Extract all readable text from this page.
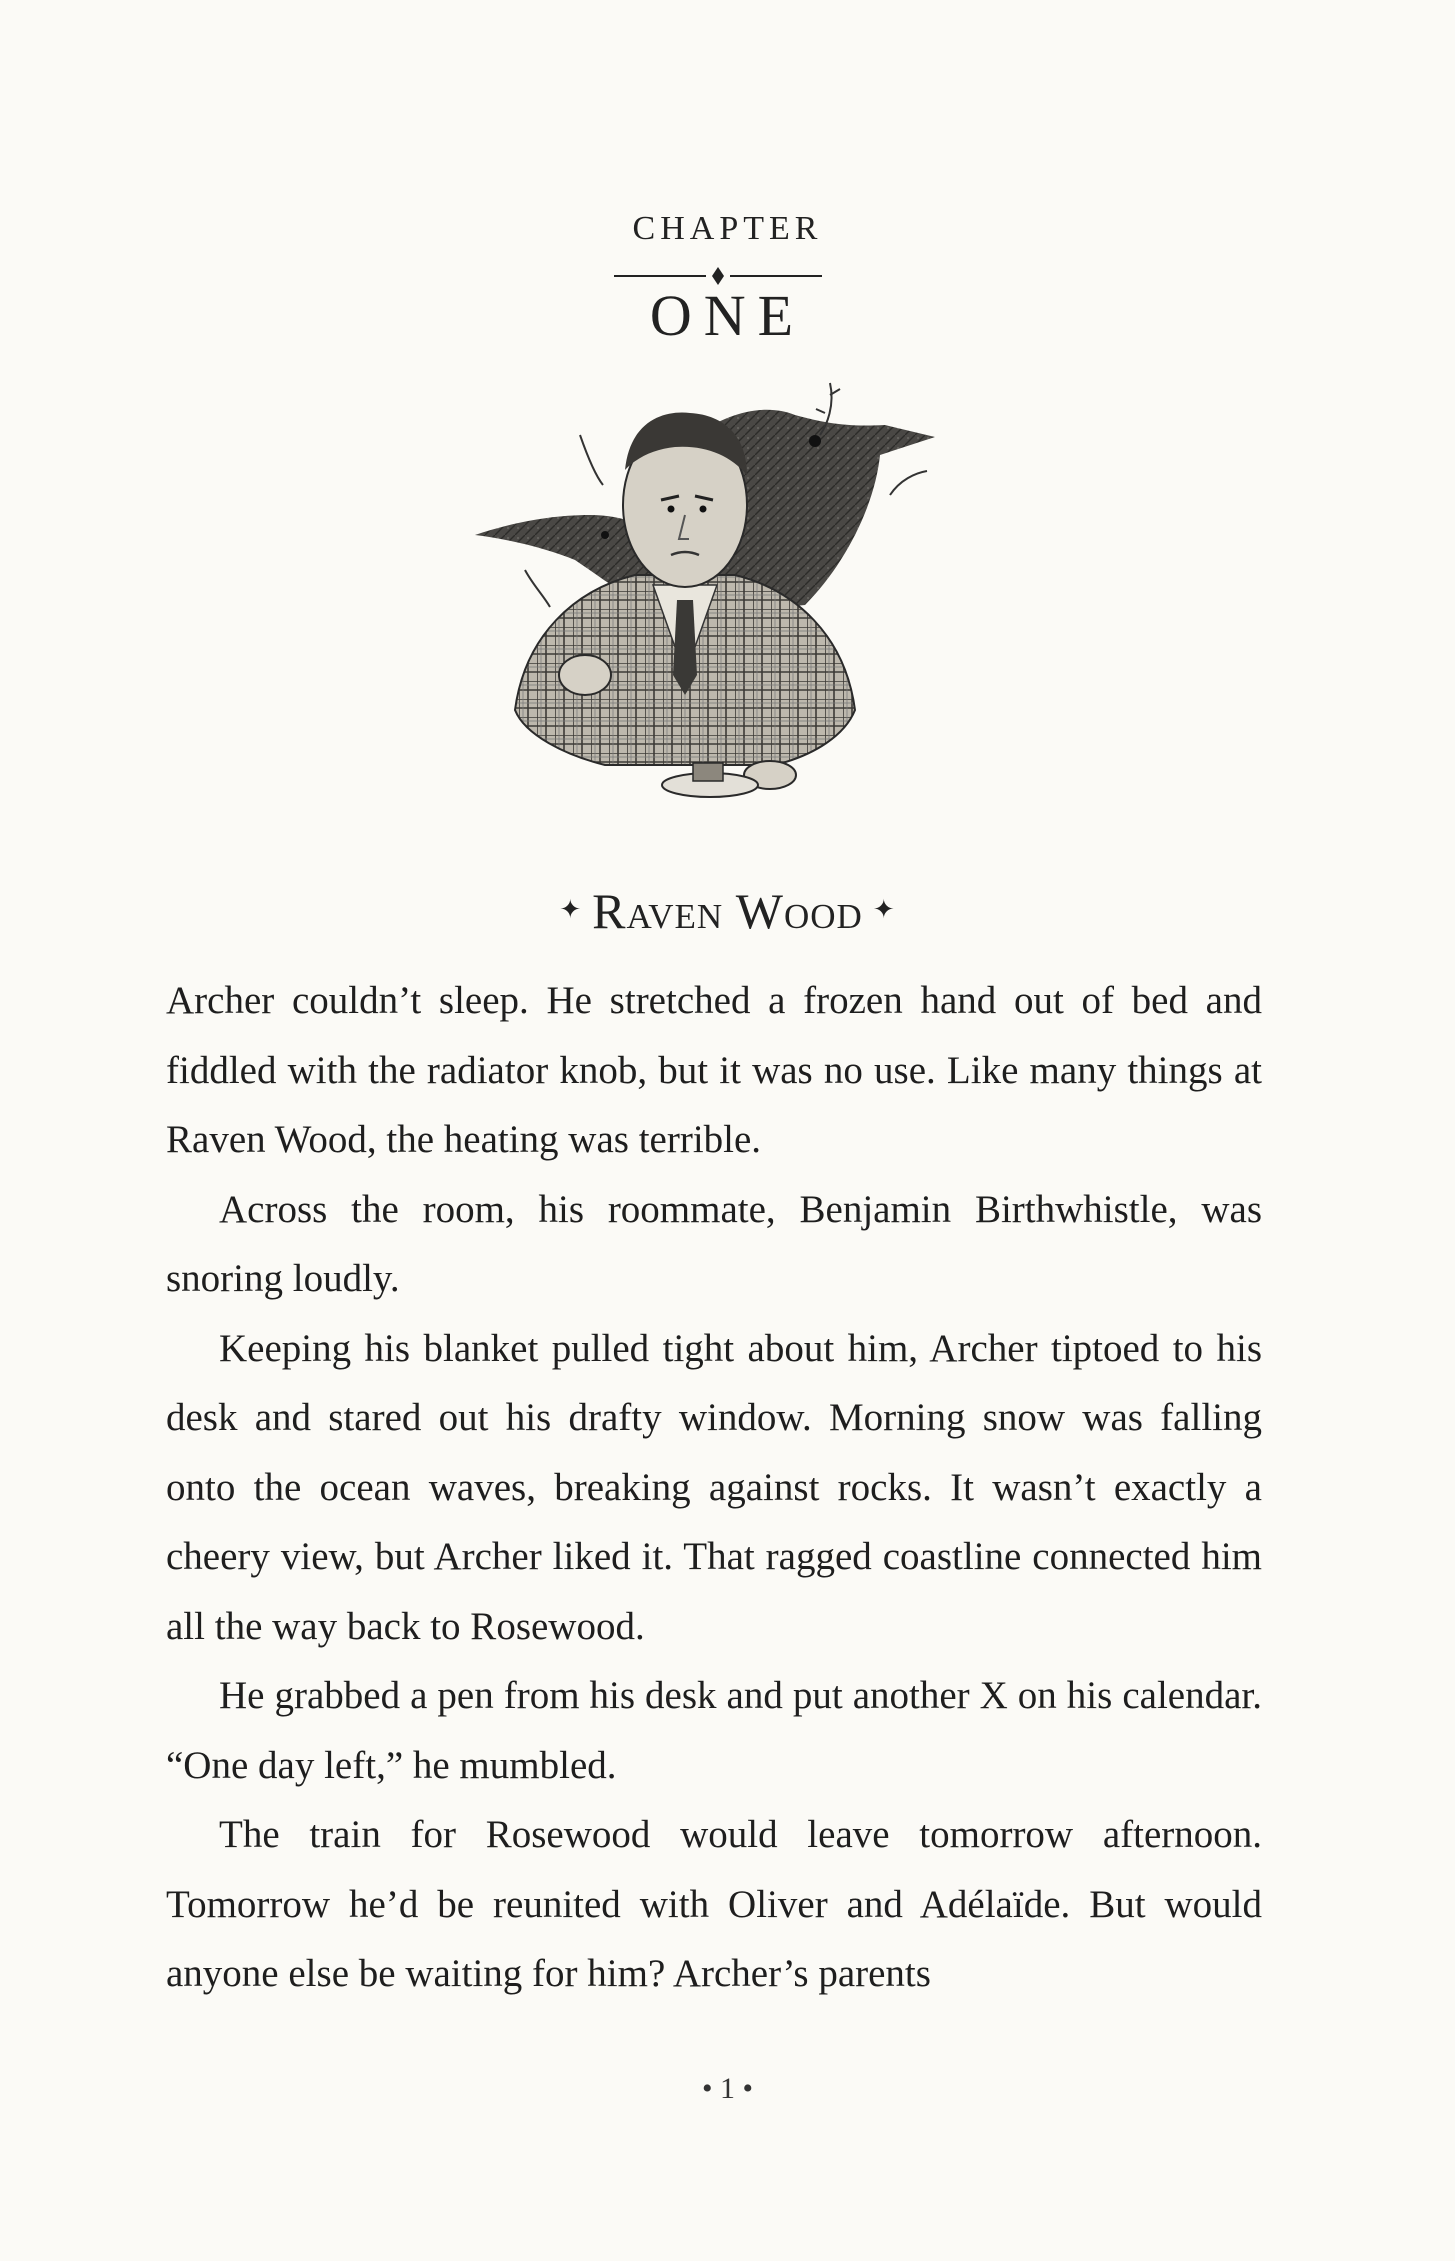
CHAPTER
ONE
✦ Raven Wood ✦

Archer couldn’t sleep. He stretched a frozen hand out of bed and fiddled with the radiator knob, but it was no use. Like many things at Raven Wood, the heating was terrible.

Across the room, his roommate, Benjamin Birthwhistle, was snoring loudly.

Keeping his blanket pulled tight about him, Archer tiptoed to his desk and stared out his drafty window. Morning snow was falling onto the ocean waves, breaking against rocks. It wasn’t exactly a cheery view, but Archer liked it. That ragged coastline connected him all the way back to Rosewood.

He grabbed a pen from his desk and put another X on his calendar. “One day left,” he mumbled.

The train for Rosewood would leave tomorrow afternoon. Tomorrow he’d be reunited with Oliver and Adélaïde. But would anyone else be waiting for him? Archer’s parents

• 1 •
